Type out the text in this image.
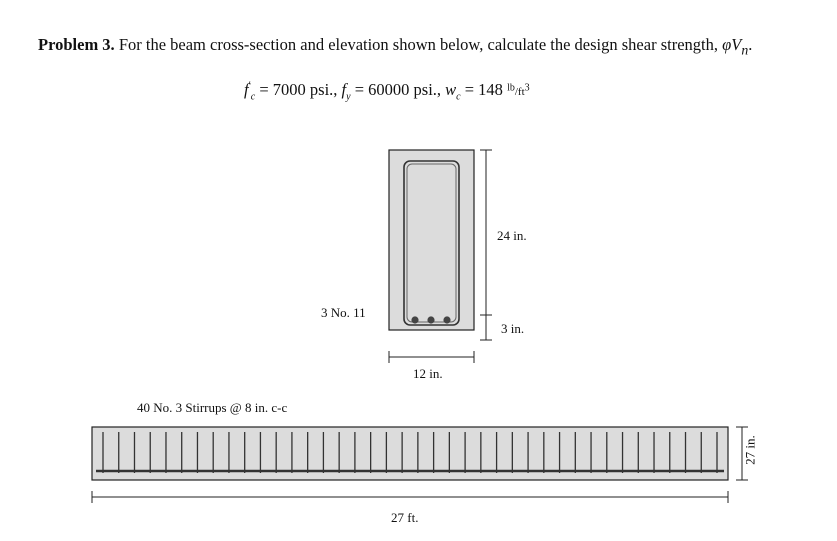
Problem 3. For the beam cross-section and elevation shown below, calculate the design shear strength, $\varphi V_n$.
$f'_c = 7000$ psi., $f_y = 60000$ psi., $w_c = 148$ $^{lb}/ft^3$
24 in.
3 in.
12 in.
3 No. 11
40 No. 3 Stirrups @ 8 in. c-c
27 ft.
27 in.
